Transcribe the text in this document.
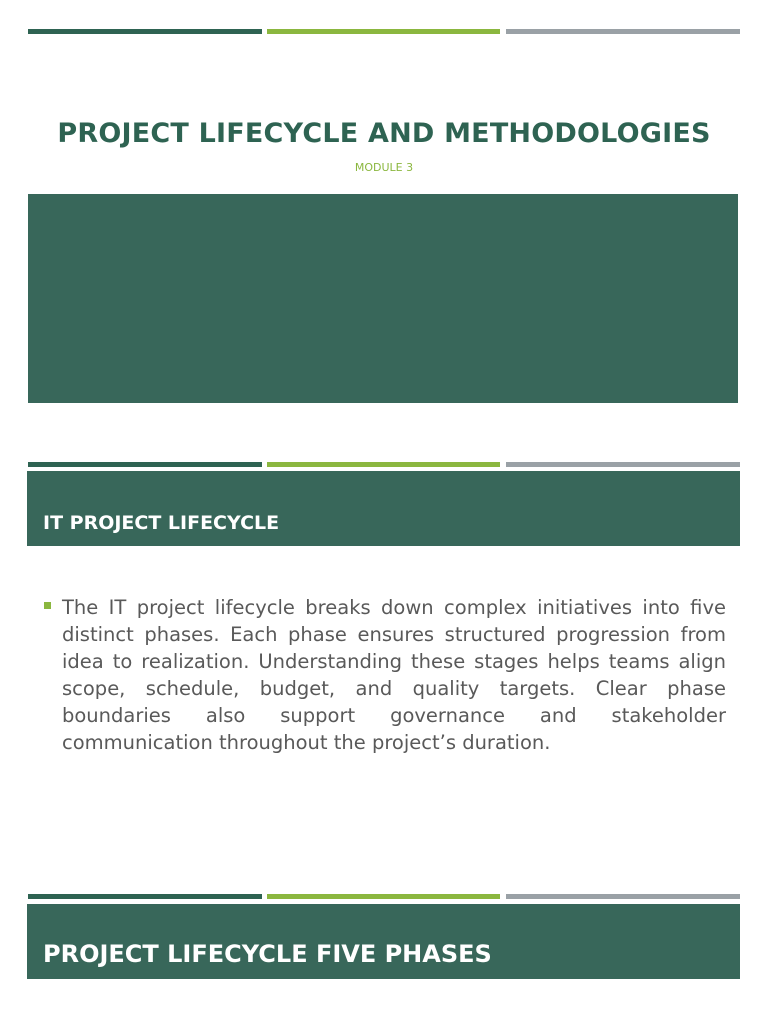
PROJECT LIFECYCLE AND METHODOLOGIES
MODULE 3
IT PROJECT LIFECYCLE
The IT project lifecycle breaks down complex initiatives into five distinct phases. Each phase ensures structured progression from idea to realization. Understanding these stages helps teams align scope, schedule, budget, and quality targets. Clear phase boundaries also support governance and stakeholder communication throughout the project’s duration.
PROJECT LIFECYCLE FIVE PHASES
